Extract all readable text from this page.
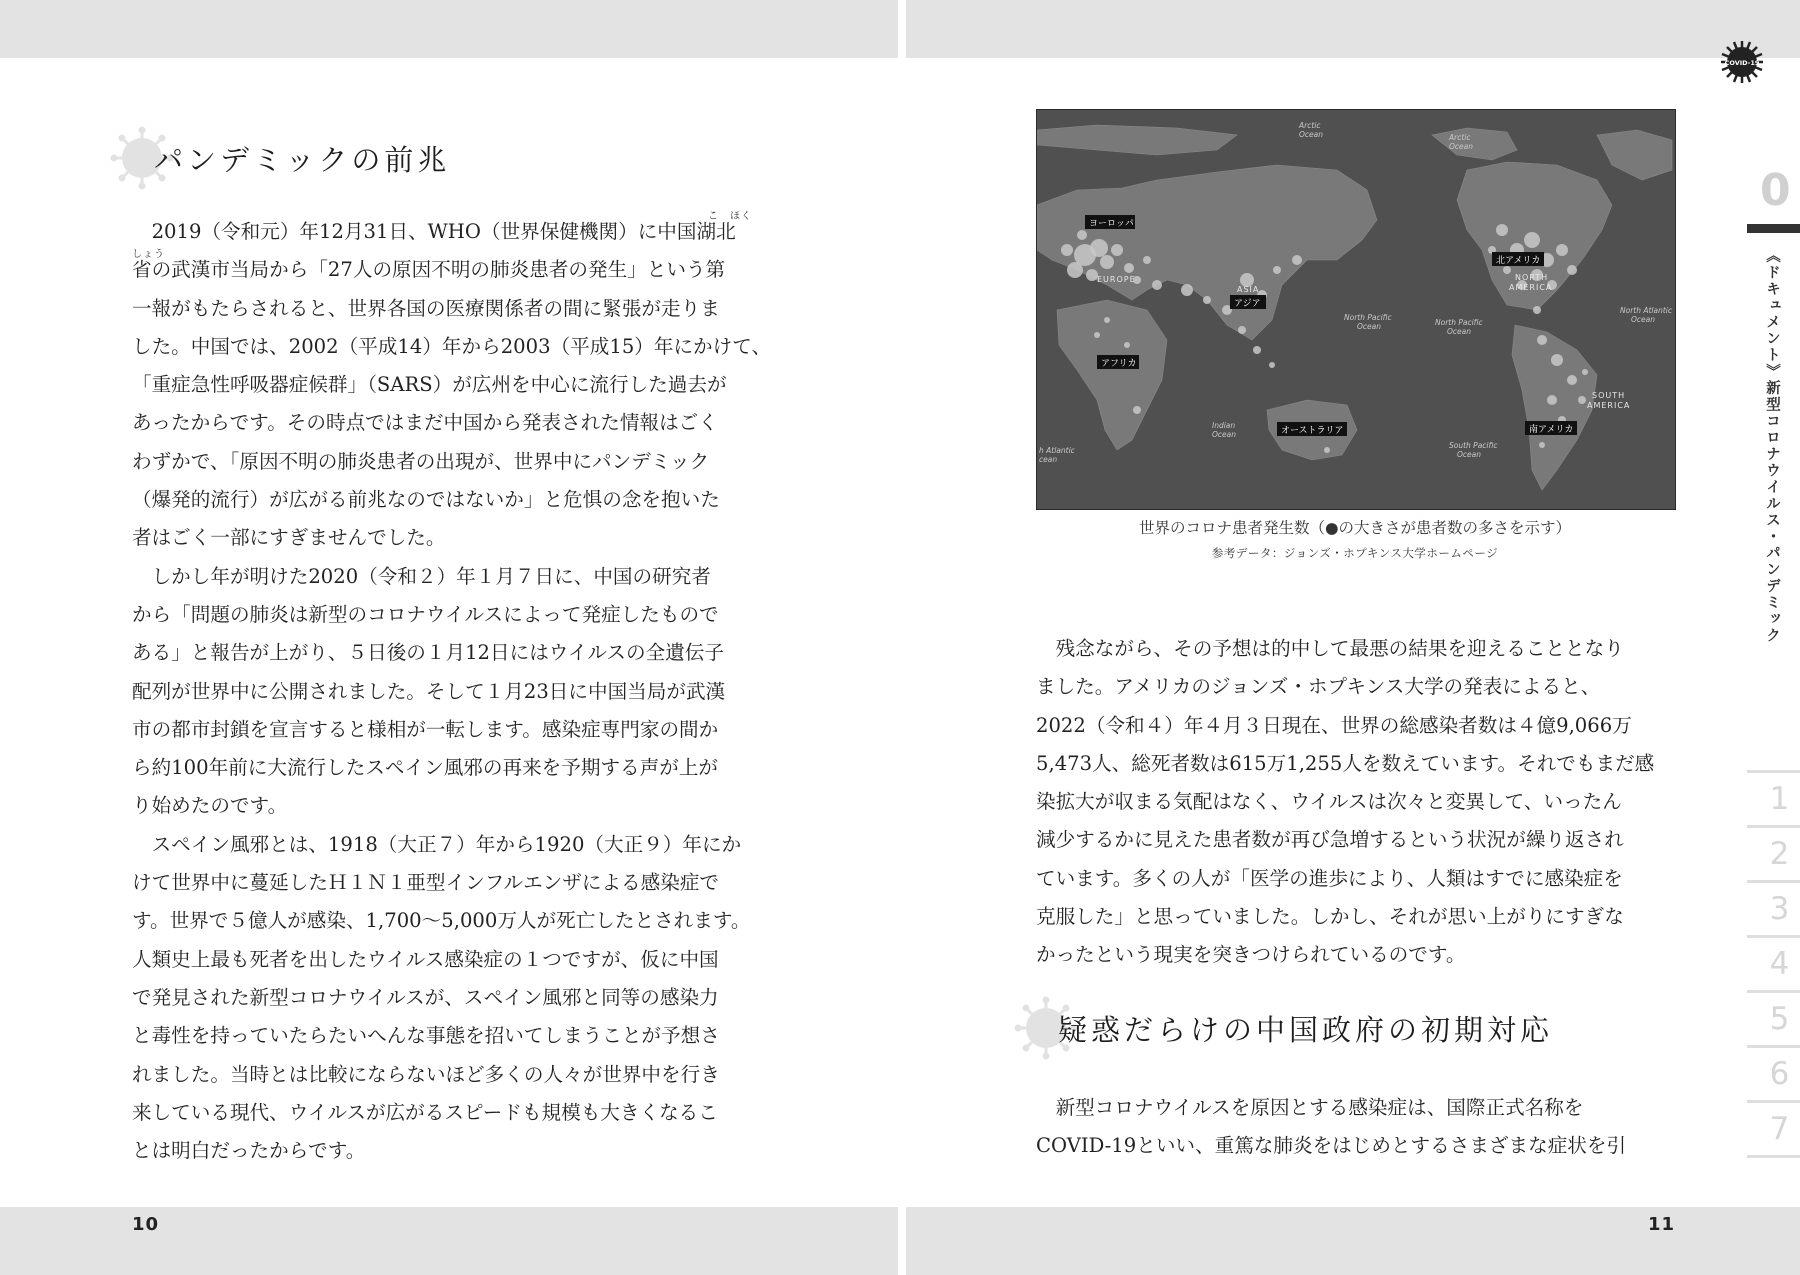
パンデミックの前兆
こ　ほく
しょう
　2019（令和元）年12月31日、WHO（世界保健機関）に中国湖北
省の武漢市当局から「27人の原因不明の肺炎患者の発生」という第
一報がもたらされると、世界各国の医療関係者の間に緊張が走りま
した。中国では、2002（平成14）年から2003（平成15）年にかけて、
「重症急性呼吸器症候群」（SARS）が広州を中心に流行した過去が
あったからです。その時点ではまだ中国から発表された情報はごく
わずかで、「原因不明の肺炎患者の出現が、世界中にパンデミック
（爆発的流行）が広がる前兆なのではないか」と危惧の念を抱いた
者はごく一部にすぎませんでした。
　しかし年が明けた2020（令和２）年１月７日に、中国の研究者
から「問題の肺炎は新型のコロナウイルスによって発症したもので
ある」と報告が上がり、５日後の１月12日にはウイルスの全遺伝子
配列が世界中に公開されました。そして１月23日に中国当局が武漢
市の都市封鎖を宣言すると様相が一転します。感染症専門家の間か
ら約100年前に大流行したスペイン風邪の再来を予期する声が上が
り始めたのです。
　スペイン風邪とは、1918（大正７）年から1920（大正９）年にか
けて世界中に蔓延したＨ１Ｎ１亜型インフルエンザによる感染症で
す。世界で５億人が感染、1,700～5,000万人が死亡したとされます。
人類史上最も死者を出したウイルス感染症の１つですが、仮に中国
で発見された新型コロナウイルスが、スペイン風邪と同等の感染力
と毒性を持っていたらたいへんな事態を招いてしまうことが予想さ
れました。当時とは比較にならないほど多くの人々が世界中を行き
来している現代、ウイルスが広がるスピードも規模も大きくなるこ
とは明白だったからです。
10
COVID-19
ヨーロッパ
北アメリカ
アジア
アフリカ
オーストラリア	南アメリカ
EUROPE
ASIA
NORTH
AMERICA
SOUTH
AMERICA
Arctic
Ocean	Arctic
Ocean
North Pacific
Ocean	North Pacific
Ocean
North Atlantic
Ocean
Indian
Ocean
South Pacific
Ocean
h Atlantic
cean
世界のコロナ患者発生数（●の大きさが患者数の多さを示す）
参考データ：ジョンズ・ホプキンス大学ホームページ
　残念ながら、その予想は的中して最悪の結果を迎えることとなり
ました。アメリカのジョンズ・ホプキンス大学の発表によると、
2022（令和４）年４月３日現在、世界の総感染者数は４億9,066万
5,473人、総死者数は615万1,255人を数えています。それでもまだ感
染拡大が収まる気配はなく、ウイルスは次々と変異して、いったん
減少するかに見えた患者数が再び急増するという状況が繰り返され
ています。多くの人が「医学の進歩により、人類はすでに感染症を
克服した」と思っていました。しかし、それが思い上がりにすぎな
かったという現実を突きつけられているのです。
疑惑だらけの中国政府の初期対応
　新型コロナウイルスを原因とする感染症は、国際正式名称を
COVID-19といい、重篤な肺炎をはじめとするさまざまな症状を引
0
《ドキュメント》新型コロナウイルス・パンデミック
1
2
3
4
5
6
7
11
